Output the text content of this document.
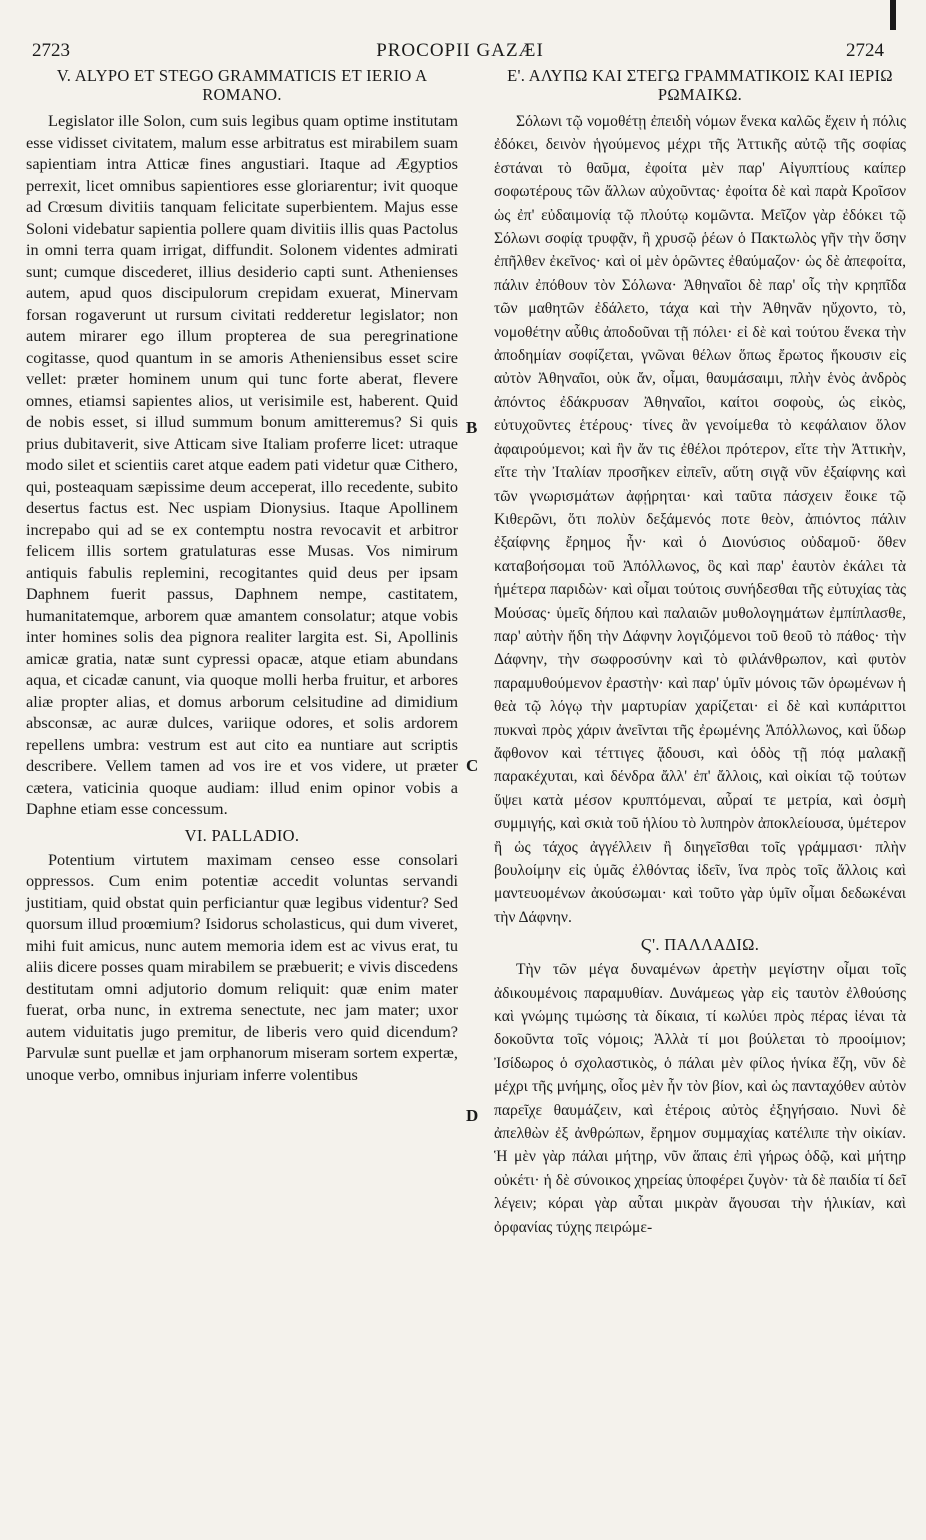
2723	PROCOPII GAZÆI	2724
V. ALYPO ET STEGO GRAMMATICIS ET IERIO A ROMANO.

Legislator ille Solon, cum suis legibus quam optime institutam esse vidisset civitatem, malum esse arbitratus est mirabilem suam sapientiam intra Atticæ fines angustiari. Itaque ad Ægyptios perrexit, licet omnibus sapientiores esse gloriarentur; ivit quoque ad Crœsum divitiis tanquam felicitate superbientem. Majus esse Soloni videbatur sapientia pollere quam divitiis illis quas Pactolus in omni terra quam irrigat, diffundit. Solonem videntes admirati sunt; cumque discederet, illius desiderio capti sunt. Athenienses autem, apud quos discipulorum crepidam exuerat, Minervam forsan rogaverunt ut rursum civitati redderetur legislator; non autem mirarer ego illum propterea de sua peregrinatione cogitasse, quod quantum in se amoris Atheniensibus esset scire vellet: præter hominem unum qui tunc forte aberat, flevere omnes, etiamsi sapientes alios, ut verisimile est, haberent. Quid de nobis esset, si illud summum bonum amitteremus? Si quis prius dubitaverit, sive Atticam sive Italiam proferre licet: utraque modo silet et scientiis caret atque eadem pati videtur quæ Cithero, qui, posteaquam sæpissime deum acceperat, illo recedente, subito desertus factus est. Nec uspiam Dionysius. Itaque Apollinem increpabo qui ad se ex contemptu nostra revocavit et arbitror felicem illis sortem gratulaturas esse Musas. Vos nimirum antiquis fabulis replemini, recogitantes quid deus per ipsam Daphnem fuerit passus, Daphnem nempe, castitatem, humanitatemque, arborem quæ amantem consolatur; atque vobis inter homines solis dea pignora realiter largita est. Si, Apollinis amicæ gratia, natæ sunt cypressi opacæ, atque etiam abundans aqua, et cicadæ canunt, via quoque molli herba fruitur, et arbores aliæ propter alias, et domus arborum celsitudine ad dimidium absconsæ, ac auræ dulces, variique odores, et solis ardorem repellens umbra: vestrum est aut cito ea nuntiare aut scriptis describere. Vellem tamen ad vos ire et vos videre, ut præter cætera, vaticinia quoque audiam: illud enim opinor vobis a Daphne etiam esse concessum.

VI. PALLADIO.

Potentium virtutem maximam censeo esse consolari oppressos. Cum enim potentiæ accedit voluntas servandi justitiam, quid obstat quin perficiantur quæ legibus videntur? Sed quorsum illud proœmium? Isidorus scholasticus, qui dum viveret, mihi fuit amicus, nunc autem memoria idem est ac vivus erat, tu aliis dicere posses quam mirabilem se præbuerit; e vivis discedens destitutam omni adjutorio domum reliquit: quæ enim mater fuerat, orba nunc, in extrema senectute, nec jam mater; uxor autem viduitatis jugo premitur, de liberis vero quid dicendum? Parvulæ sunt puellæ et jam orphanorum miseram sortem expertæ, unoque verbo, omnibus injuriam inferre volentibus

Ε'. ΑΛΥΠΩ ΚΑΙ ΣΤΕΓΩ ΓΡΑΜΜΑΤΙΚΟΙΣ ΚΑΙ ΙΕΡΙΩ ΡΩΜΑΙΚΩ.

Σόλωνι τῷ νομοθέτῃ ἐπειδὴ νόμων ἕνεκα καλῶς ἔχειν ἡ πόλις ἐδόκει, δεινὸν ἡγούμενος μέχρι τῆς Ἀττικῆς αὐτῷ τῆς σοφίας ἑστάναι τὸ θαῦμα, ἐφοίτα μὲν παρ' Αἰγυπτίους καίπερ σοφωτέρους τῶν ἄλλων αὐχοῦντας· ἐφοίτα δὲ καὶ παρὰ Κροῖσον ὡς ἐπ' εὐδαιμονίᾳ τῷ πλούτῳ κομῶντα. Μεῖζον γὰρ ἐδόκει τῷ Σόλωνι σοφίᾳ τρυφᾷν, ἢ χρυσῷ ῥέων ὁ Πακτωλὸς γῆν τὴν ὅσην ἐπῆλθεν ἐκεῖνος· καὶ οἱ μὲν ὁρῶντες ἐθαύμαζον· ὡς δὲ ἀπεφοίτα, πάλιν ἐπόθουν τὸν Σόλωνα· Ἀθηναῖοι δὲ παρ' οἷς τὴν κρηπῖδα τῶν μαθητῶν ἐδάλετο, τάχα καὶ τὴν Ἀθηνᾶν ηὔχοντο, τὸ, νομοθέτην αὖθις ἀποδοῦναι τῇ πόλει· εἰ δὲ καὶ τούτου ἕνεκα τὴν ἀποδημίαν σοφίζεται, γνῶναι θέλων ὅπως ἔρωτος ἥκουσιν εἰς αὐτὸν Ἀθηναῖοι, οὐκ ἄν, οἶμαι, θαυμάσαιμι, πλὴν ἑνὸς ἀνδρὸς ἀπόντος ἐδάκρυσαν Ἀθηναῖοι, καίτοι σοφοὺς, ὡς εἰκὸς, εὐτυχοῦντες ἑτέρους· τίνες ἂν γενοίμεθα τὸ κεφάλαιον ὅλον ἀφαιρούμενοι; καὶ ἣν ἄν τις ἐθέλοι πρότερον, εἴτε τὴν Ἀττικὴν, εἴτε τὴν Ἰταλίαν προσῆκεν εἰπεῖν, αὕτη σιγᾷ νῦν ἐξαίφνης καὶ τῶν γνωρισμάτων ἀφῄρηται· καὶ ταῦτα πάσχειν ἔοικε τῷ Κιθερῶνι, ὅτι πολὺν δεξάμενός ποτε θεὸν, ἀπιόντος πάλιν ἐξαίφνης ἔρημος ἦν· καὶ ὁ Διονύσιος οὐδαμοῦ· ὅθεν καταβοήσομαι τοῦ Ἀπόλλωνος, ὃς καὶ παρ' ἑαυτὸν ἐκάλει τὰ ἡμέτερα παριδὼν· καὶ οἶμαι τούτοις συνήδεσθαι τῆς εὐτυχίας τὰς Μούσας· ὑμεῖς δήπου καὶ παλαιῶν μυθολογημάτων ἐμπίπλασθε, παρ' αὐτὴν ἤδη τὴν Δάφνην λογιζόμενοι τοῦ θεοῦ τὸ πάθος· τὴν Δάφνην, τὴν σωφροσύνην καὶ τὸ φιλάνθρωπον, καὶ φυτὸν παραμυθούμενον ἐραστὴν· καὶ παρ' ὑμῖν μόνοις τῶν ὁρωμένων ἡ θεὰ τῷ λόγῳ τὴν μαρτυρίαν χαρίζεται· εἰ δὲ καὶ κυπάριττοι πυκναὶ πρὸς χάριν ἀνεῖνται τῆς ἐρωμένης Ἀπόλλωνος, καὶ ὕδωρ ἄφθονον καὶ τέττιγες ᾄδουσι, καὶ ὁδὸς τῇ πόᾳ μαλακῇ παρακέχυται, καὶ δένδρα ἄλλ' ἐπ' ἄλλοις, καὶ οἰκίαι τῷ τούτων ὕψει κατὰ μέσον κρυπτόμεναι, αὖραί τε μετρία, καὶ ὀσμὴ συμμιγής, καὶ σκιὰ τοῦ ἡλίου τὸ λυπηρὸν ἀποκλείουσα, ὑμέτερον ἢ ὡς τάχος ἀγγέλλειν ἢ διηγεῖσθαι τοῖς γράμμασι· πλὴν βουλοίμην εἰς ὑμᾶς ἐλθόντας ἰδεῖν, ἵνα πρὸς τοῖς ἄλλοις καὶ μαντευομένων ἀκούσωμαι· καὶ τοῦτο γὰρ ὑμῖν οἶμαι δεδωκέναι τὴν Δάφνην.

Ϛ'. ΠΑΛΛΑΔΙΩ.

Τὴν τῶν μέγα δυναμένων ἀρετὴν μεγίστην οἶμαι τοῖς ἀδικουμένοις παραμυθίαν. Δυνάμεως γὰρ εἰς ταυτὸν ἐλθούσης καὶ γνώμης τιμώσης τὰ δίκαια, τί κωλύει πρὸς πέρας ἰέναι τὰ δοκοῦντα τοῖς νόμοις; Ἀλλὰ τί μοι βούλεται τὸ προοίμιον; Ἰσίδωρος ὁ σχολαστικὸς, ὁ πάλαι μὲν φίλος ἡνίκα ἔζη, νῦν δὲ μέχρι τῆς μνήμης, οἷος μὲν ἦν τὸν βίον, καὶ ὡς πανταχόθεν αὐτὸν παρεῖχε θαυμάζειν, καὶ ἑτέροις αὐτὸς ἐξηγήσαιο. Νυνὶ δὲ ἀπελθὼν ἐξ ἀνθρώπων, ἔρημον συμμαχίας κατέλιπε τὴν οἰκίαν. Ἡ μὲν γὰρ πάλαι μήτηρ, νῦν ἅπαις ἐπὶ γήρως ὁδῷ, καὶ μήτηρ οὐκέτι· ἡ δὲ σύνοικος χηρείας ὑποφέρει ζυγὸν· τὰ δὲ παιδία τί δεῖ λέγειν; κόραι γὰρ αὗται μικρὰν ἄγουσαι τὴν ἡλικίαν, καὶ ὀρφανίας τύχης πειρώμε-

B
C
D
